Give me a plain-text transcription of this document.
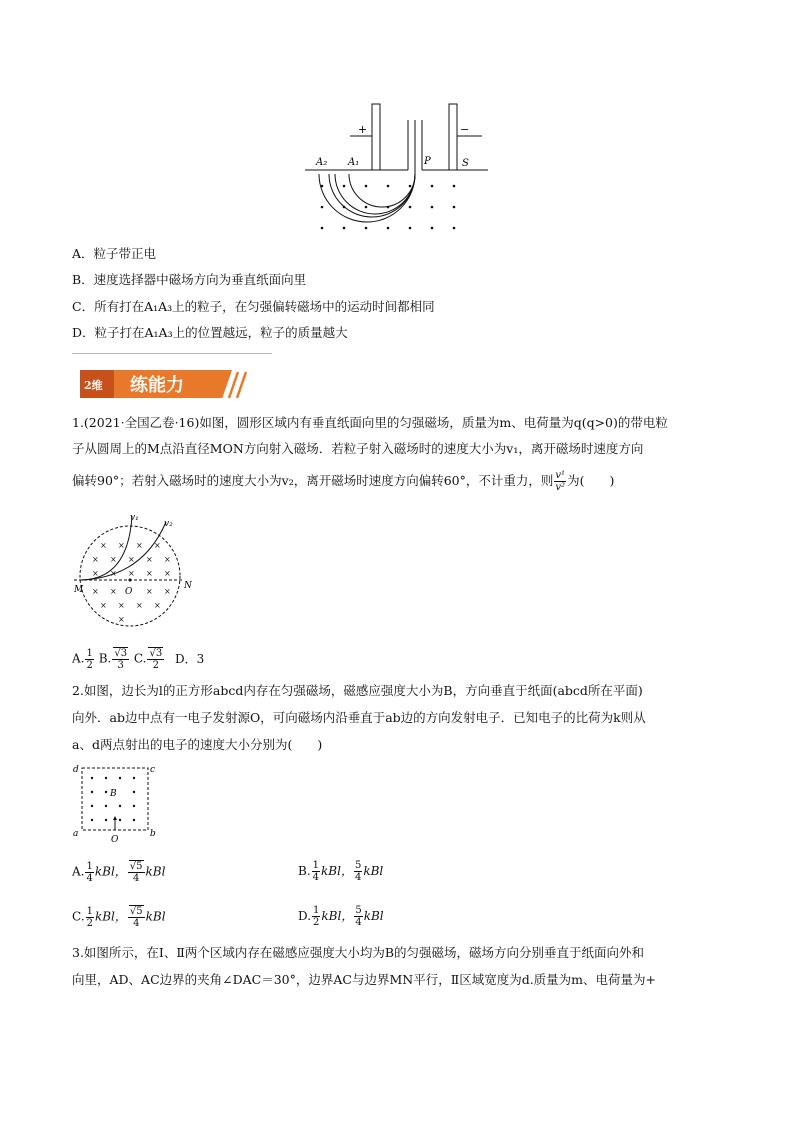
+	−
A₂ A₁	P	S
A．粒子带正电
B．速度选择器中磁场方向为垂直纸面向里
C．所有打在A₁A₃上的粒子，在匀强偏转磁场中的运动时间都相同
D．粒子打在A₁A₃上的位置越远，粒子的质量越大
2维 练能力
1.(2021·全国乙卷·16)如图，圆形区域内有垂直纸面向里的匀强磁场，质量为m、电荷量为q(q>0)的带电粒
子从圆周上的M点沿直径MON方向射入磁场．若粒子射入磁场时的速度大小为v₁，离开磁场时速度方向
偏转90°；若射入磁场时的速度大小为v₂，离开磁场时速度方向偏转60°，不计重力，则 $\frac{\text{v¹}}{\text{v²}}$ 为(　　)
× × × ×
× × × × ×
× × × × ×
× ×	× ×
× × × ×
×
v₁
v₂
M	O
N
A. $\frac{1}{2} B$. $\frac{√3}{3} C$. $\frac{√3}{2}$ D．3
2.如图，边长为l的正方形abcd内存在匀强磁场，磁感应强度大小为B，方向垂直于纸面(abcd所在平面)
向外．ab边中点有一电子发射源O，可向磁场内沿垂直于ab边的方向发射电子．已知电子的比荷为k则从
a、d两点射出的电子的速度大小分别为(　　)
d	c
a	b
B
O
A. $\frac{1}{4}$ kBl， $\frac{√5}{4}$ kBl	B. $\frac{1}{4}$ kBl， $\frac{5}{4}$ kBl
C. $\frac{1}{2}$ kBl， $\frac{√5}{4}$ kBl	D. $\frac{1}{2}$ kBl， $\frac{5}{4}$ kBl
3.如图所示，在Ⅰ、Ⅱ两个区域内存在磁感应强度大小均为B的匀强磁场，磁场方向分别垂直于纸面向外和
向里，AD、AC边界的夹角∠DAC＝30°，边界AC与边界MN平行，Ⅱ区域宽度为d.质量为m、电荷量为+
